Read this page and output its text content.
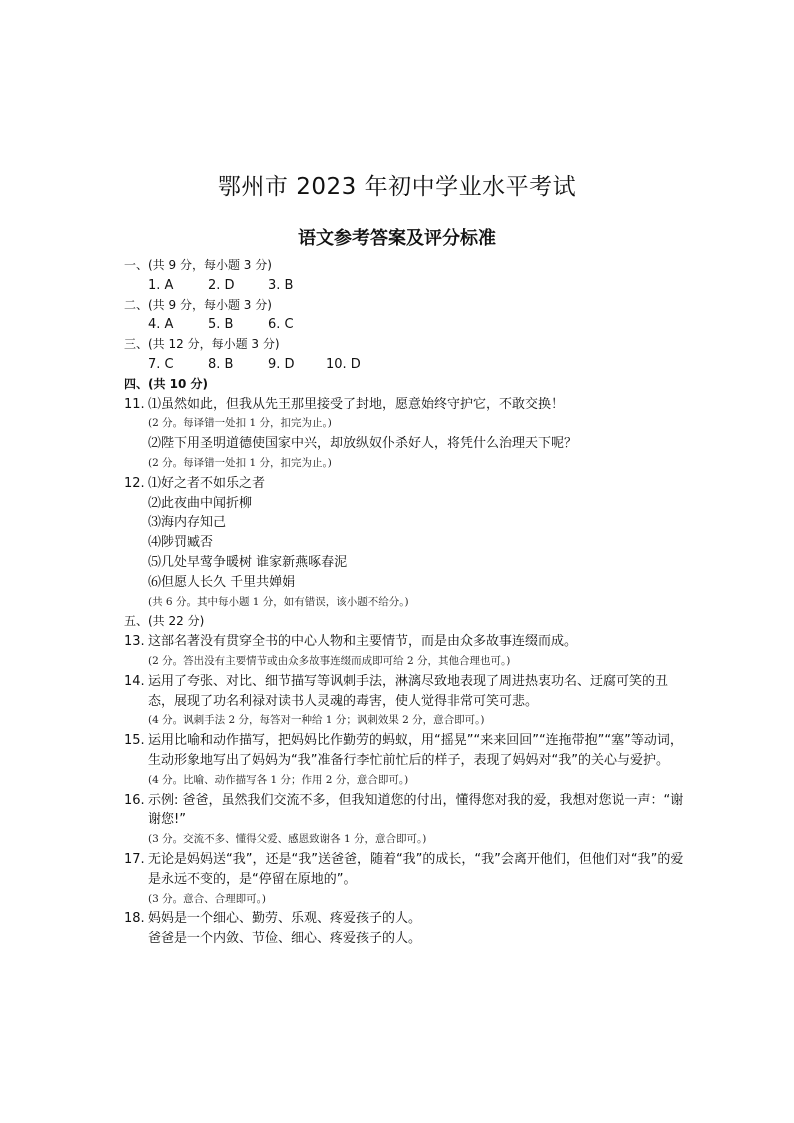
鄂州市 2023 年初中学业水平考试
语文参考答案及评分标准
一、(共 9 分，每小题 3 分)
1. A	2. D	3. B
二、(共 9 分，每小题 3 分)
4. A	5. B	6. C
三、(共 12 分，每小题 3 分)
7. C	8. B	9. D 10. D
四、(共 10 分)
11. ⑴虽然如此，但我从先王那里接受了封地，愿意始终守护它，不敢交换！
(2 分。每译错一处扣 1 分，扣完为止。)
⑵陛下用圣明道德使国家中兴，却放纵奴仆杀好人，将凭什么治理天下呢？
(2 分。每译错一处扣 1 分，扣完为止。)
12. ⑴好之者不如乐之者
⑵此夜曲中闻折柳
⑶海内存知己
⑷陟罚臧否
⑸几处早莺争暖树 谁家新燕啄春泥
⑹但愿人长久 千里共婵娟
(共 6 分。其中每小题 1 分，如有错误，该小题不给分。)
五、(共 22 分)
13. 这部名著没有贯穿全书的中心人物和主要情节，而是由众多故事连缀而成。
(2 分。答出没有主要情节或由众多故事连缀而成即可给 2 分，其他合理也可。)
14. 运用了夸张、对比、细节描写等讽刺手法，淋漓尽致地表现了周进热衷功名、迂腐可笑的丑态，展现了功名利禄对读书人灵魂的毒害，使人觉得非常可笑可悲。
(4 分。讽刺手法 2 分，每答对一种给 1 分；讽刺效果 2 分，意合即可。)
15. 运用比喻和动作描写，把妈妈比作勤劳的蚂蚁，用“摇晃”“来来回回”“连拖带抱”“塞”等动词，生动形象地写出了妈妈为“我”准备行李忙前忙后的样子，表现了妈妈对“我”的关心与爱护。
(4 分。比喻、动作描写各 1 分；作用 2 分，意合即可。)
16. 示例: 爸爸，虽然我们交流不多，但我知道您的付出，懂得您对我的爱，我想对您说一声：“谢谢您!”
(3 分。交流不多、懂得父爱、感恩致谢各 1 分，意合即可。)
17. 无论是妈妈送“我”，还是“我”送爸爸，随着“我”的成长，“我”会离开他们，但他们对“我”的爱是永远不变的，是“停留在原地的”。
(3 分。意合、合理即可。)
18. 妈妈是一个细心、勤劳、乐观、疼爱孩子的人。
爸爸是一个内敛、节俭、细心、疼爱孩子的人。
